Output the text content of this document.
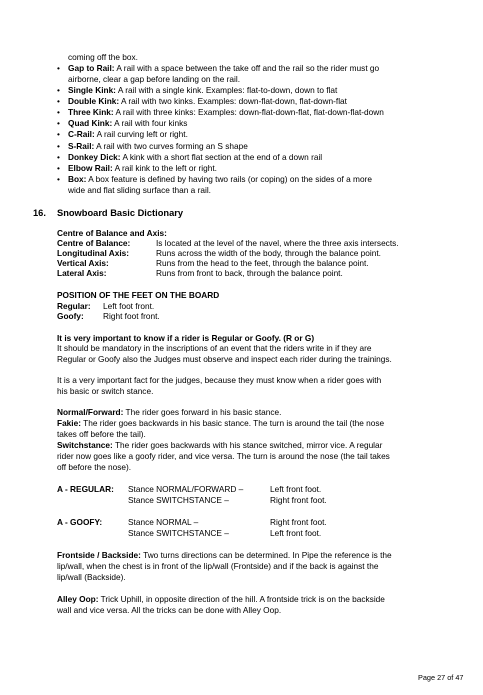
coming off the box.
• Gap to Rail: A rail with a space between the take off and the rail so the rider must go
airborne, clear a gap before landing on the rail.
• Single Kink: A rail with a single kink. Examples: flat-to-down, down to flat
• Double Kink: A rail with two kinks. Examples: down-flat-down, flat-down-flat
• Three Kink: A rail with three kinks: Examples: down-flat-down-flat, flat-down-flat-down
• Quad Kink: A rail with four kinks
• C-Rail: A rail curving left or right.
• S-Rail: A rail with two curves forming an S shape
• Donkey Dick: A kink with a short flat section at the end of a down rail
• Elbow Rail: A rail kink to the left or right.
• Box: A box feature is defined by having two rails (or coping) on the sides of a more
wide and flat sliding surface than a rail.
16. Snowboard Basic Dictionary
Centre of Balance and Axis:
Centre of Balance:	Is located at the level of the navel, where the three axis intersects.
Longitudinal Axis:	Runs across the width of the body, through the balance point.
Vertical Axis:	Runs from the head to the feet, through the balance point.
Lateral Axis:	Runs from front to back, through the balance point.
POSITION OF THE FEET ON THE BOARD
Regular: Left foot front.
Goofy: Right foot front.
It is very important to know if a rider is Regular or Goofy. (R or G)
It should be mandatory in the inscriptions of an event that the riders write in if they are
Regular or Goofy also the Judges must observe and inspect each rider during the trainings.
It is a very important fact for the judges, because they must know when a rider goes with
his basic or switch stance.
Normal/Forward: The rider goes forward in his basic stance.
Fakie: The rider goes backwards in his basic stance. The turn is around the tail (the nose
takes off before the tail).
Switchstance: The rider goes backwards with his stance switched, mirror vice. A regular
rider now goes like a goofy rider, and vice versa. The turn is around the nose (the tail takes
off before the nose).
A - REGULAR: Stance NORMAL/FORWARD –	Left front foot.
Stance SWITCHSTANCE –	Right front foot.
A - GOOFY:	Stance NORMAL –	Right front foot.
Stance SWITCHSTANCE –	Left front foot.
Frontside / Backside: Two turns directions can be determined. In Pipe the reference is the
lip/wall, when the chest is in front of the lip/wall (Frontside) and if the back is against the
lip/wall (Backside).
Alley Oop: Trick Uphill, in opposite direction of the hill. A frontside trick is on the backside
wall and vice versa. All the tricks can be done with Alley Oop.
Page 27 of 47
